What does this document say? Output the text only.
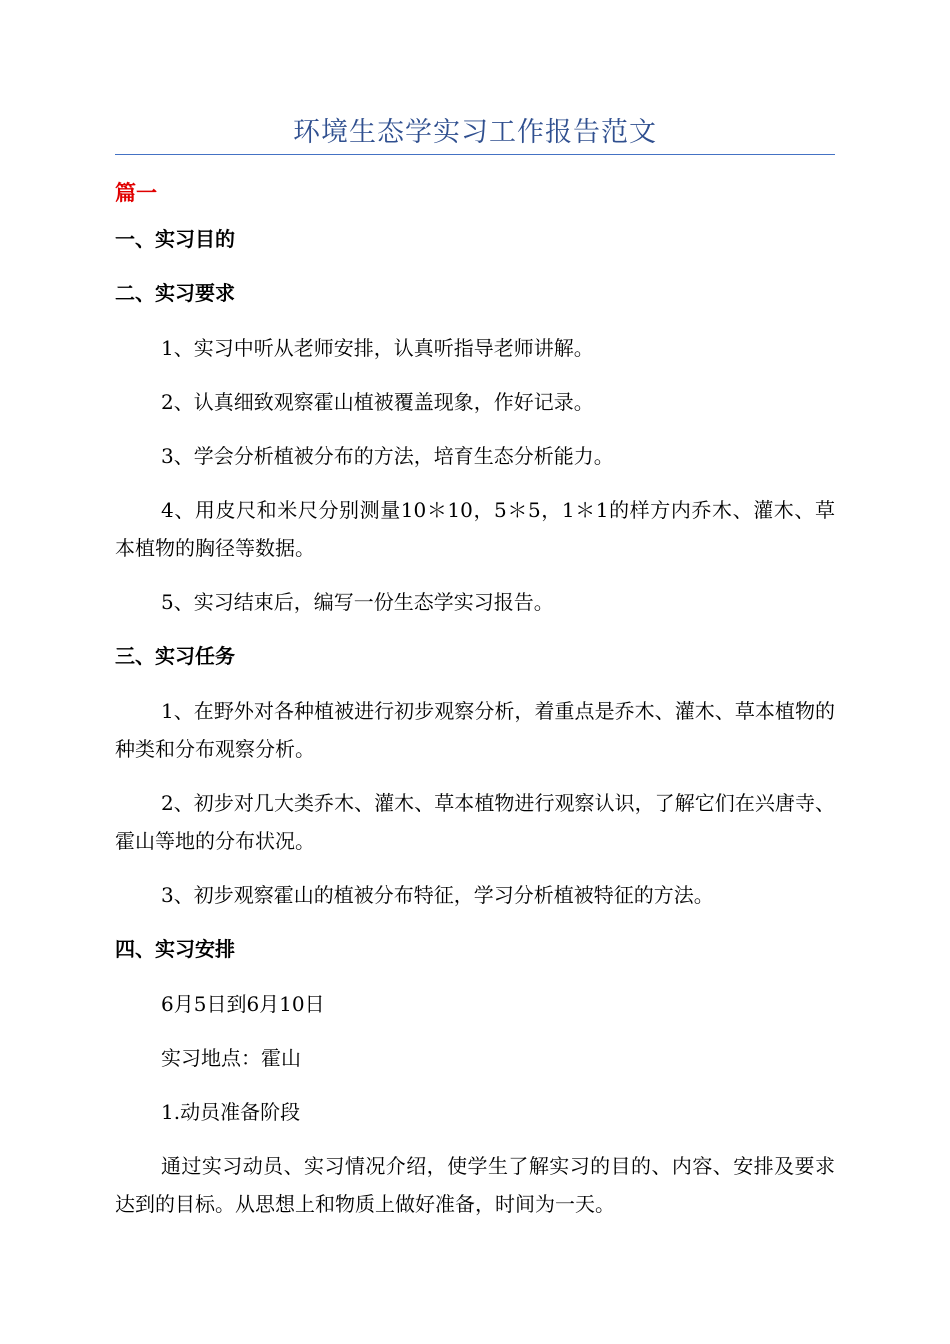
环境生态学实习工作报告范文
篇一
一、实习目的
二、实习要求

1、实习中听从老师安排，认真听指导老师讲解。

2、认真细致观察霍山植被覆盖现象，作好记录。

3、学会分析植被分布的方法，培育生态分析能力。

4、用皮尺和米尺分别测量10＊10，5＊5，1＊1的样方内乔木、灌木、草本植物的胸径等数据。

5、实习结束后，编写一份生态学实习报告。

三、实习任务

1、在野外对各种植被进行初步观察分析，着重点是乔木、灌木、草本植物的种类和分布观察分析。

2、初步对几大类乔木、灌木、草本植物进行观察认识，了解它们在兴唐寺、霍山等地的分布状况。

3、初步观察霍山的植被分布特征，学习分析植被特征的方法。

四、实习安排

6月5日到6月10日

实习地点：霍山

1.动员准备阶段

通过实习动员、实习情况介绍，使学生了解实习的目的、内容、安排及要求达到的目标。从思想上和物质上做好准备，时间为一天。
